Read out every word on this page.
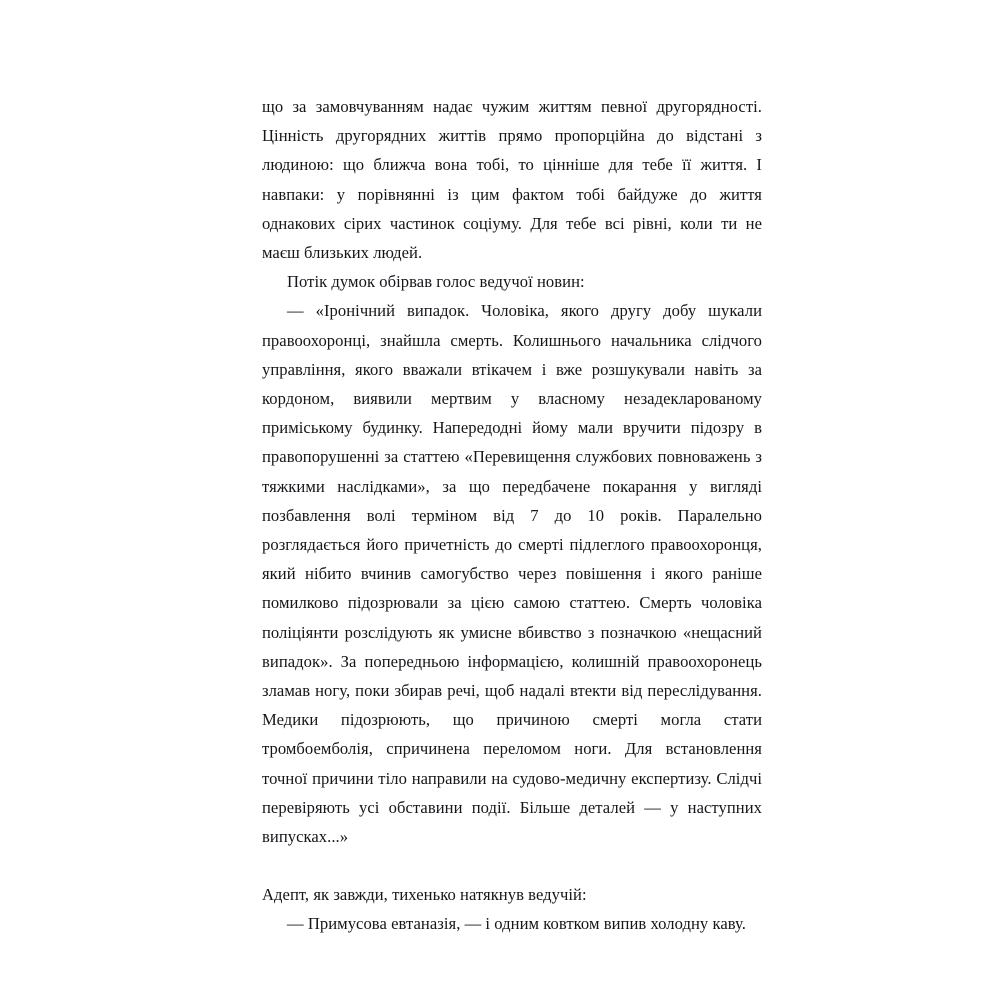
що за замовчуванням надає чужим життям певної другорядності. Цінність другорядних життів прямо пропорційна до відстані з людиною: що ближча вона тобі, то цінніше для тебе її життя. І навпаки: у порівнянні із цим фактом тобі байдуже до життя однакових сірих частинок соціуму. Для тебе всі рівні, коли ти не маєш близьких людей.

Потік думок обірвав голос ведучої новин:

— «Іронічний випадок. Чоловіка, якого другу добу шукали правоохоронці, знайшла смерть. Колишнього начальника слідчого управління, якого вважали втікачем і вже розшукували навіть за кордоном, виявили мертвим у власному незадекларованому приміському будинку. Напередодні йому мали вручити підозру в правопорушенні за статтею «Перевищення службових повноважень з тяжкими наслідками», за що передбачене покарання у вигляді позбавлення волі терміном від 7 до 10 років. Паралельно розглядається його причетність до смерті підлеглого правоохоронця, який нібито вчинив самогубство через повішення і якого раніше помилково підозрювали за цією самою статтею. Смерть чоловіка поліціянти розслідують як умисне вбивство з позначкою «нещасний випадок». За попередньою інформацією, колишній правоохоронець зламав ногу, поки збирав речі, щоб надалі втекти від переслідування. Медики підозрюють, що причиною смерті могла стати тромбоемболія, спричинена переломом ноги. Для встановлення точної причини тіло направили на судово-медичну експертизу. Слідчі перевіряють усі обставини події. Більше деталей — у наступних випусках...»

Адепт, як завжди, тихенько натякнув ведучій:

— Примусова евтаназія, — і одним ковтком випив холодну каву.
